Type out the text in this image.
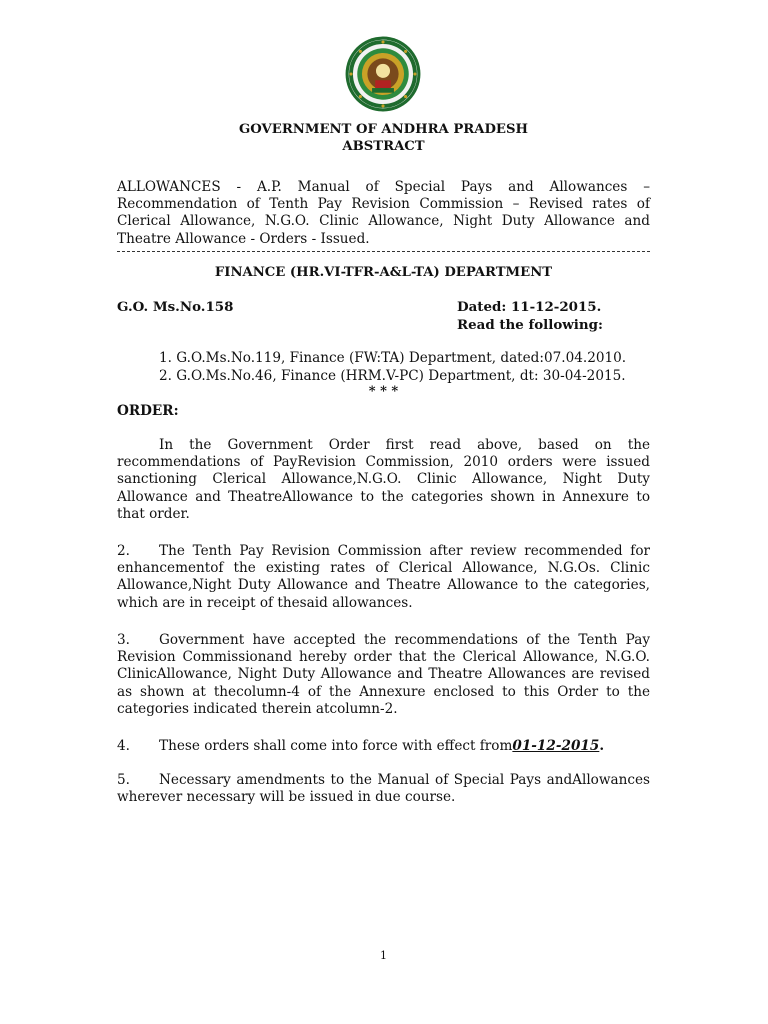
GOVERNMENT OF ANDHRA PRADESH
ABSTRACT
ALLOWANCES - A.P. Manual of Special Pays and Allowances – Recommendation of Tenth Pay Revision Commission – Revised rates of Clerical Allowance, N.G.O. Clinic Allowance, Night Duty Allowance and Theatre Allowance - Orders - Issued.
FINANCE (HR.VI-TFR-A&L-TA) DEPARTMENT
G.O. Ms.No.158	Dated: 11-12-2015.
Read the following:
1. G.O.Ms.No.119, Finance (FW:TA) Department, dated:07.04.2010.
2. G.O.Ms.No.46, Finance (HRM.V-PC) Department, dt: 30-04-2015.
* * *
ORDER:

In the Government Order first read above, based on the recommendations of PayRevision Commission, 2010 orders were issued sanctioning Clerical Allowance,N.G.O. Clinic Allowance, Night Duty Allowance and TheatreAllowance to the categories shown in Annexure to that order.

2. The Tenth Pay Revision Commission after review recommended for enhancementof the existing rates of Clerical Allowance, N.G.Os. Clinic Allowance,Night Duty Allowance and Theatre Allowance to the categories, which are in receipt of thesaid allowances.

3. Government have accepted the recommendations of the Tenth Pay Revision Commissionand hereby order that the Clerical Allowance, N.G.O. ClinicAllowance, Night Duty Allowance and Theatre Allowances are revised as shown at thecolumn-4 of the Annexure enclosed to this Order to the categories indicated therein atcolumn-2.

4. These orders shall come into force with effect from01-12-2015.

5. Necessary amendments to the Manual of Special Pays andAllowances wherever necessary will be issued in due course.

1
